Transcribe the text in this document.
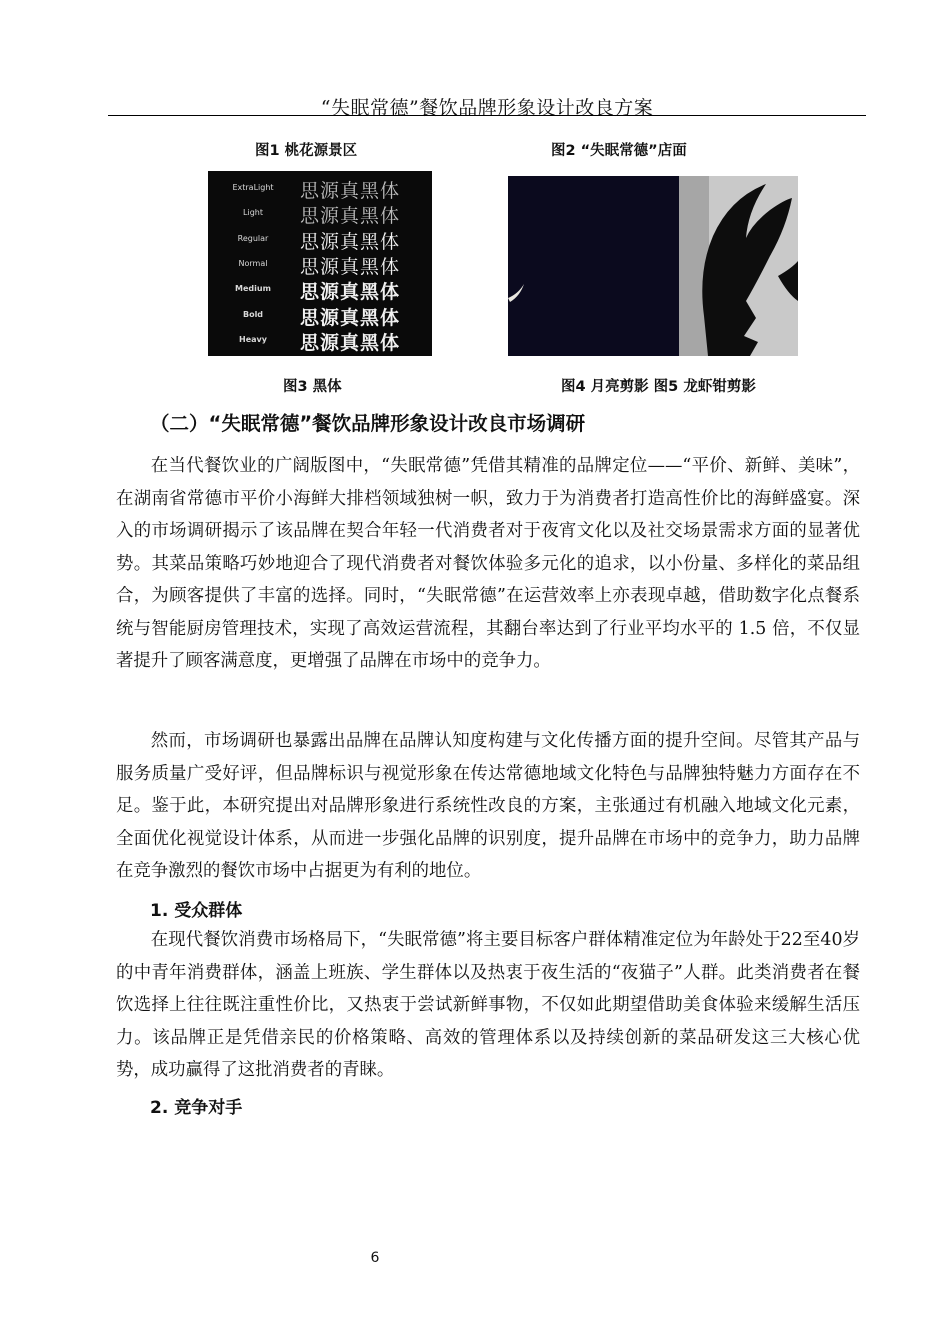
“失眠常德”餐饮品牌形象设计改良方案
图1 桃花源景区	图2 “失眠常德”店面
ExtraLight	思源真黑体
Light	思源真黑体
Regular	思源真黑体
Normal	思源真黑体
Medium	思源真黑体
Bold	思源真黑体
Heavy	思源真黑体
图3 黑体	图4 月亮剪影 图5 龙虾钳剪影
（二）“失眠常德”餐饮品牌形象设计改良市场调研

在当代餐饮业的广阔版图中，“失眠常德”凭借其精准的品牌定位——“平价、新鲜、美味”，在湖南省常德市平价小海鲜大排档领域独树一帜，致力于为消费者打造高性价比的海鲜盛宴。深入的市场调研揭示了该品牌在契合年轻一代消费者对于夜宵文化以及社交场景需求方面的显著优势。其菜品策略巧妙地迎合了现代消费者对餐饮体验多元化的追求，以小份量、多样化的菜品组合，为顾客提供了丰富的选择。同时，“失眠常德”在运营效率上亦表现卓越，借助数字化点餐系统与智能厨房管理技术，实现了高效运营流程，其翻台率达到了行业平均水平的 1.5 倍，不仅显著提升了顾客满意度，更增强了品牌在市场中的竞争力。

然而，市场调研也暴露出品牌在品牌认知度构建与文化传播方面的提升空间。尽管其产品与服务质量广受好评，但品牌标识与视觉形象在传达常德地域文化特色与品牌独特魅力方面存在不足。鉴于此，本研究提出对品牌形象进行系统性改良的方案，主张通过有机融入地域文化元素，全面优化视觉设计体系，从而进一步强化品牌的识别度，提升品牌在市场中的竞争力，助力品牌在竞争激烈的餐饮市场中占据更为有利的地位。

1. 受众群体

在现代餐饮消费市场格局下，“失眠常德”将主要目标客户群体精准定位为年龄处于22至40岁的中青年消费群体，涵盖上班族、学生群体以及热衷于夜生活的“夜猫子”人群。此类消费者在餐饮选择上往往既注重性价比，又热衷于尝试新鲜事物，不仅如此期望借助美食体验来缓解生活压力。该品牌正是凭借亲民的价格策略、高效的管理体系以及持续创新的菜品研发这三大核心优势，成功赢得了这批消费者的青睐。

2. 竞争对手
6
